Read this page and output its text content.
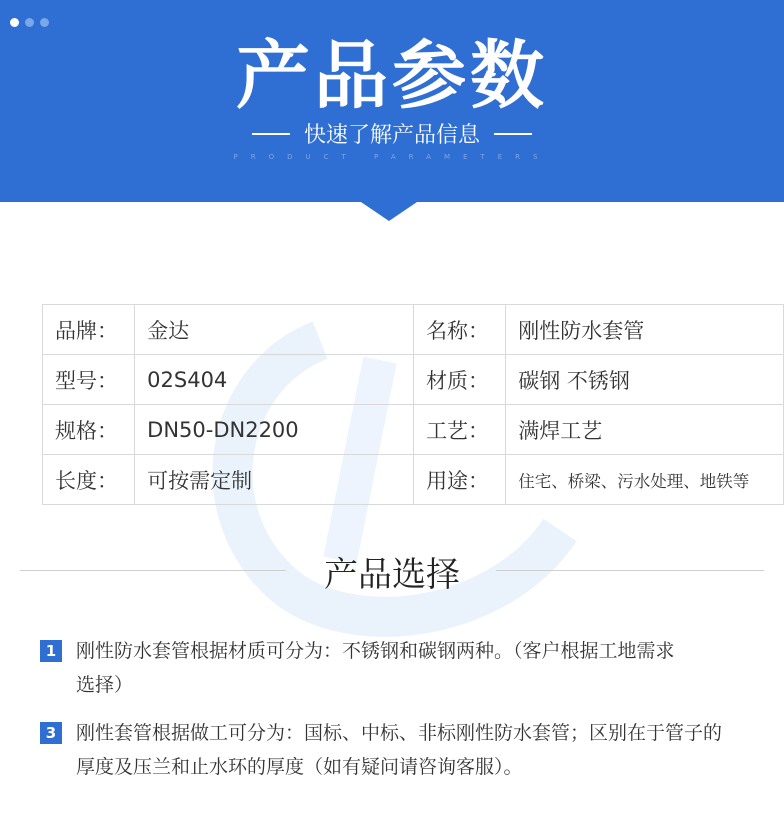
产品参数
快速了解产品信息
PRODUCT PARAMETERS
品牌：	金达	名称：	刚性防水套管
型号：	02S404	材质：	碳钢 不锈钢
规格：	DN50-DN2200	工艺：	满焊工艺
长度：	可按需定制	用途：	住宅、桥梁、污水处理、地铁等
产品选择
1 刚性防水套管根据材质可分为：不锈钢和碳钢两种。（客户根据工地需求
选择）
3 刚性套管根据做工可分为：国标、中标、非标刚性防水套管；区别在于管子的
厚度及压兰和止水环的厚度（如有疑问请咨询客服）。
